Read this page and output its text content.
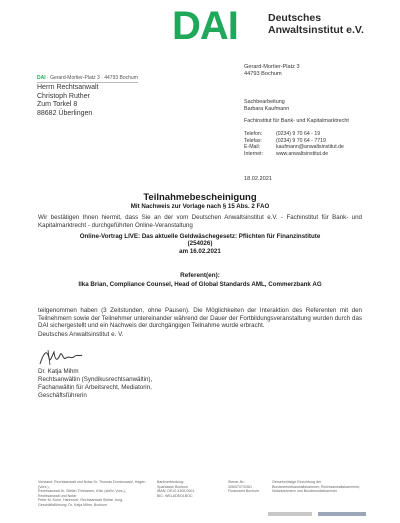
DAI	Deutsches
Anwaltsinstitut e.V.
Gerard-Mortier-Platz 3
44793 Bochum
DAI · Gerard-Mortier-Platz 3 · 44793 Bochum
Herrn Rechtsanwalt
Christoph Ruther
Zum Torkel 8
88682 Überlingen
Sachbearbeitung
Barbara Kaufmann
Fachinstitut für Bank- und Kapitalmarktrecht
Telefon:	(0234) 9 70 64 - 19
Telefax:	(0234) 9 70 64 - 7719
E-Mail:	kaufmann@anwaltsinstitut.de
Internet: www.anwaltsinstitut.de
18.02.2021
Teilnahmebescheinigung
Mit Nachweis zur Vorlage nach § 15 Abs. 2 FAO
Wir bestätigen Ihnen hiermit, dass Sie an der vom Deutschen Anwaltsinstitut e.V. - Fachinstitut für Bank- und Kapitalmarktrecht - durchgeführten Online-Veranstaltung
Online-Vortrag LIVE: Das aktuelle Geldwäschegesetz: Pflichten für Finanzinstitute
(254026)
am 16.02.2021
Referent(en):
Ilka Brian, Compliance Counsel, Head of Global Standards AML, Commerzbank AG
teilgenommen haben (3 Zeitstunden, ohne Pausen). Die Möglichkeiten der Interaktion des Referenten mit den Teilnehmern sowie der Teilnehmer untereinander während der Dauer der Fortbildungsveranstaltung wurden durch das DAI sichergestellt und ein Nachweis der durchgängigen Teilnahme wurde erbracht.
Deutsches Anwaltsinstitut e. V.
Dr. Katja Mihm
Rechtsanwältin (Syndikusrechtsanwältin),
Fachanwältin für Arbeitsrecht, Mediatorin,
Geschäftsführerin
Vorstand: Rechtsanwalt und Notar Dr. Thomas Dombrowski, Hagen (Vors.),
Rechtsanwalt Dr. Stefan Thönissen, Köln (stellv. Vors.), Rechtsanwalt und Notar
Peter M. Kuhn, Hannover, Rechtsanwalt Stefan Jung,
Geschäftsführung: Dr. Katja Mihm, Bochum
Bankverbindung:
Sparkasse Bochum
IBAN: DE10 4305 0001
BIC: WELADED1BOC
Steuer-Nr.:
306/5707/0361
Finanzamt Bochum
Gemeinnützige Einrichtung der
Bundesrechtsanwaltskammer, Rechtsanwaltskammern,
Notarkammern und Bundesnotarkammer
